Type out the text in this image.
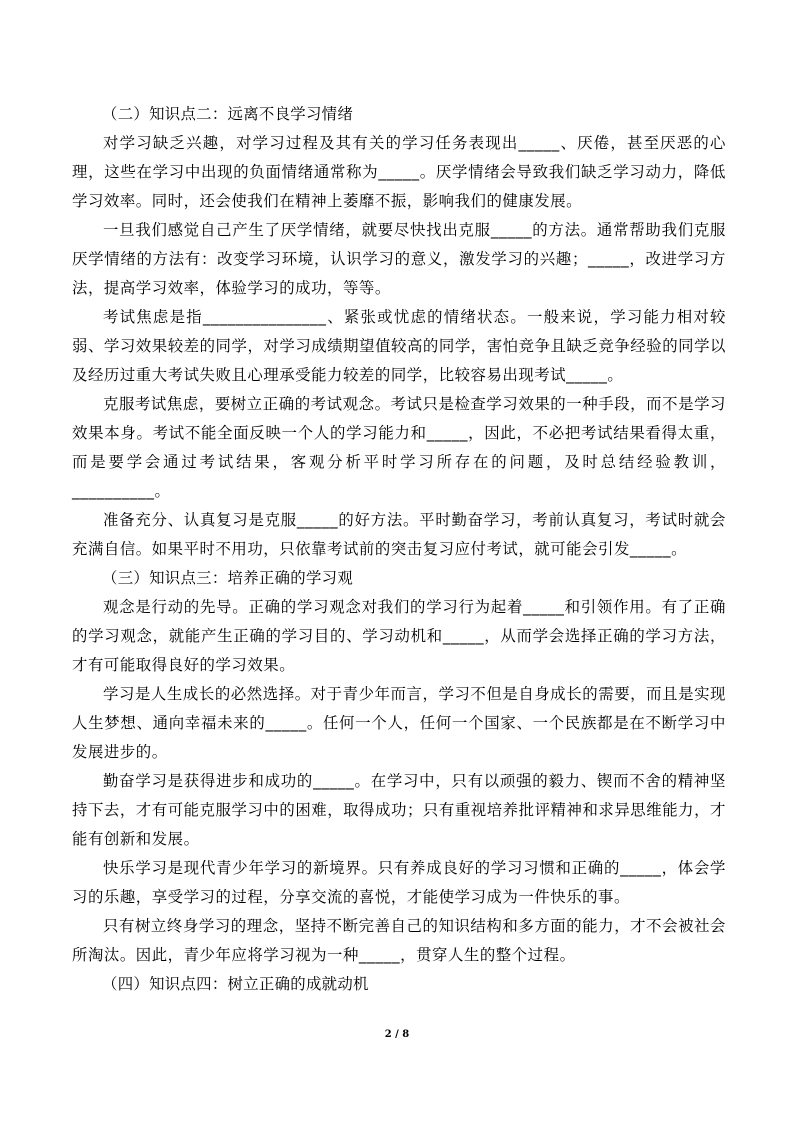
（二）知识点二：远离不良学习情绪

对学习缺乏兴趣，对学习过程及其有关的学习任务表现出_____、厌倦，甚至厌恶的心理，这些在学习中出现的负面情绪通常称为_____。厌学情绪会导致我们缺乏学习动力，降低学习效率。同时，还会使我们在精神上萎靡不振，影响我们的健康发展。

一旦我们感觉自己产生了厌学情绪，就要尽快找出克服_____的方法。通常帮助我们克服厌学情绪的方法有：改变学习环境，认识学习的意义，激发学习的兴趣；_____，改进学习方法，提高学习效率，体验学习的成功，等等。

考试焦虑是指_______________、紧张或忧虑的情绪状态。一般来说，学习能力相对较弱、学习效果较差的同学，对学习成绩期望值较高的同学，害怕竞争且缺乏竞争经验的同学以及经历过重大考试失败且心理承受能力较差的同学，比较容易出现考试_____。

克服考试焦虑，要树立正确的考试观念。考试只是检查学习效果的一种手段，而不是学习效果本身。考试不能全面反映一个人的学习能力和_____，因此，不必把考试结果看得太重，而是要学会通过考试结果，客观分析平时学习所存在的问题，及时总结经验教训，__________。

准备充分、认真复习是克服_____的好方法。平时勤奋学习，考前认真复习，考试时就会充满自信。如果平时不用功，只依靠考试前的突击复习应付考试，就可能会引发_____。

（三）知识点三：培养正确的学习观

观念是行动的先导。正确的学习观念对我们的学习行为起着_____和引领作用。有了正确的学习观念，就能产生正确的学习目的、学习动机和_____，从而学会选择正确的学习方法，才有可能取得良好的学习效果。

学习是人生成长的必然选择。对于青少年而言，学习不但是自身成长的需要，而且是实现人生梦想、通向幸福未来的_____。任何一个人，任何一个国家、一个民族都是在不断学习中发展进步的。

勤奋学习是获得进步和成功的_____。在学习中，只有以顽强的毅力、锲而不舍的精神坚持下去，才有可能克服学习中的困难，取得成功；只有重视培养批评精神和求异思维能力，才能有创新和发展。

快乐学习是现代青少年学习的新境界。只有养成良好的学习习惯和正确的_____，体会学习的乐趣，享受学习的过程，分享交流的喜悦，才能使学习成为一件快乐的事。

只有树立终身学习的理念，坚持不断完善自己的知识结构和多方面的能力，才不会被社会所淘汰。因此，青少年应将学习视为一种_____，贯穿人生的整个过程。

（四）知识点四：树立正确的成就动机

2 / 8
